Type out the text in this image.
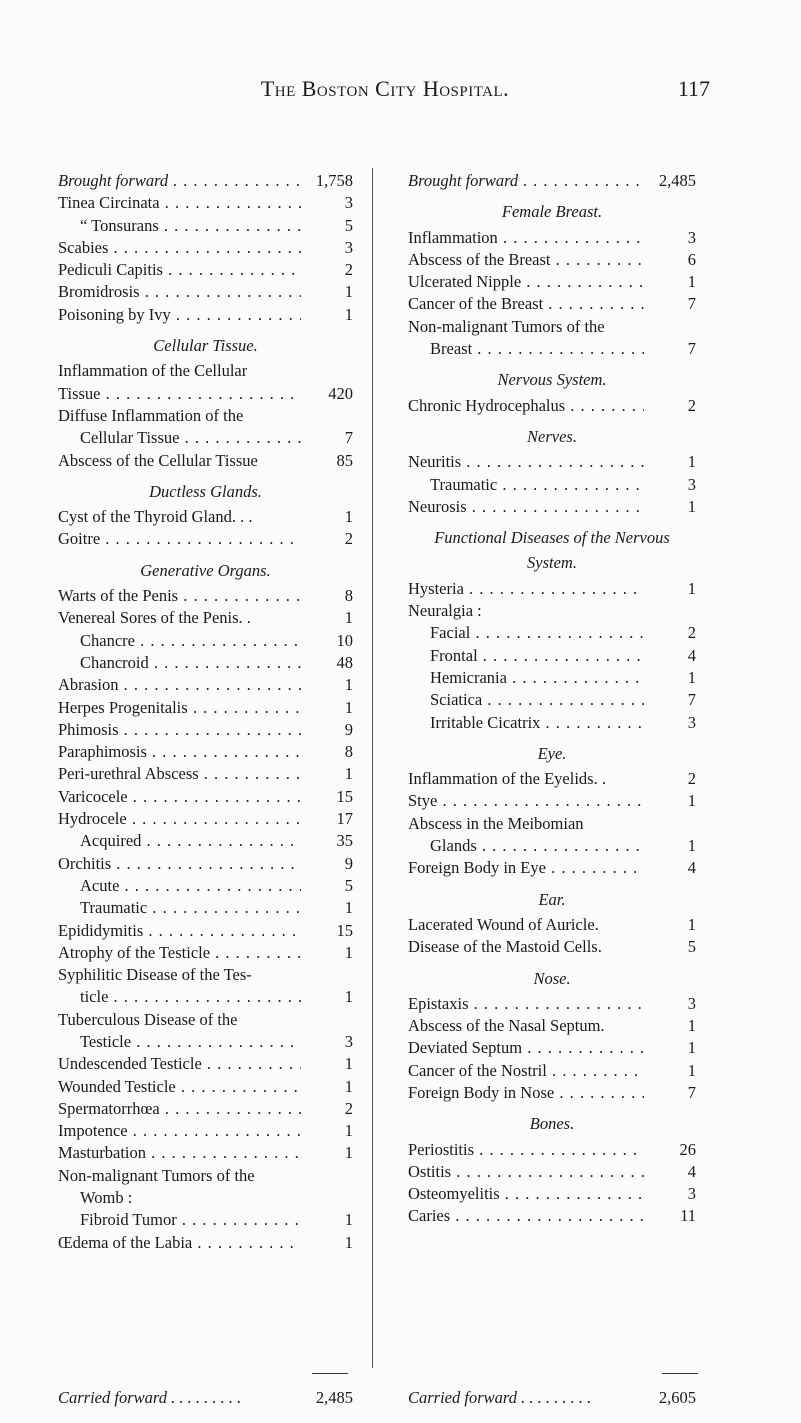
The Boston City Hospital.	117
Brought forward . . .	1,758
Tinea Circinata . . .	3
“ Tonsurans . . .	5
Scabies . . .	3
Pediculi Capitis . . .	2
Bromidrosis . . .	1
Poisoning by Ivy . . .	1
Cellular Tissue.
Inflammation of the Cellular
Tissue . . .	420
Diffuse Inflammation of the
Cellular Tissue . . .	7
Abscess of the Cellular Tissue	85
Ductless Glands.
Cyst of the Thyroid Gland. . .	1
Goitre . . .	2
Generative Organs.
Warts of the Penis . . .	8
Venereal Sores of the Penis. .	1
Chancre . . .	10
Chancroid . . .	48
Abrasion . . .	1
Herpes Progenitalis . . .	1
Phimosis . . .	9
Paraphimosis . . .	8
Peri-urethral Abscess . . .	1
Varicocele . . .	15
Hydrocele . . .	17
Acquired . . .	35
Orchitis . . .	9
Acute . . .	5
Traumatic . . .	1
Epididymitis . . .	15
Atrophy of the Testicle . . .	1
Syphilitic Disease of the Tes-
ticle . . .	1
Tuberculous Disease of the
Testicle . . .	3
Undescended Testicle . . .	1
Wounded Testicle . . .	1
Spermatorrhœa . . .	2
Impotence . . .	1
Masturbation . . .	1
Non-malignant Tumors of the
Womb :
Fibroid Tumor . . .	1
Œdema of the Labia . . .	1
Brought forward . . .	2,485
Female Breast.
Inflammation . . .	3
Abscess of the Breast . . .	6
Ulcerated Nipple . . .	1
Cancer of the Breast . . .	7
Non-malignant Tumors of the
Breast . . .	7
Nervous System.
Chronic Hydrocephalus . . .	2
Nerves.
Neuritis . . .	1
Traumatic . . .	3
Neurosis . . .	1
Functional Diseases of the Nervous
System.
Hysteria . . .	1
Neuralgia :
Facial . . .	2
Frontal . . .	4
Hemicrania . . .	1
Sciatica . . .	7
Irritable Cicatrix . . .	3
Eye.
Inflammation of the Eyelids. .	2
Stye . . .	1
Abscess in the Meibomian
Glands . . .	1
Foreign Body in Eye . . .	4
Ear.
Lacerated Wound of Auricle.	1
Disease of the Mastoid Cells.	5
Nose.
Epistaxis . . .	3
Abscess of the Nasal Septum.	1
Deviated Septum . . .	1
Cancer of the Nostril . . .	1
Foreign Body in Nose . . .	7
Bones.
Periostitis . . .	26
Ostitis . . .	4
Osteomyelitis . . .	3
Caries . . .	11
Carried forward . . .	2,485	Carried forward . . .	2,605
